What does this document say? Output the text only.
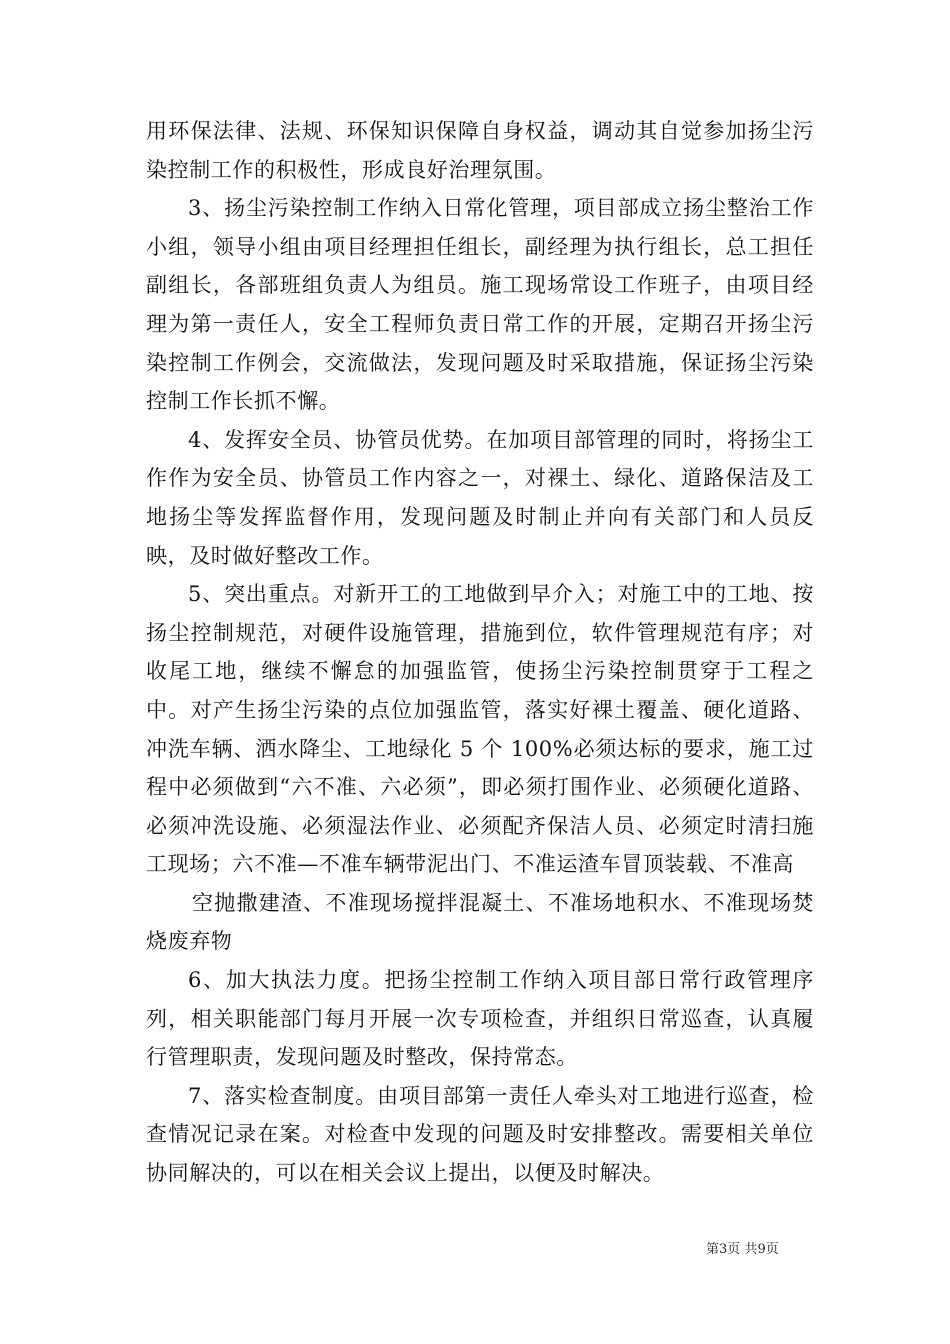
用环保法律、法规、环保知识保障自身权益，调动其自觉参加扬尘污染控制工作的积极性，形成良好治理氛围。

3、扬尘污染控制工作纳入日常化管理，项目部成立扬尘整治工作小组，领导小组由项目经理担任组长，副经理为执行组长，总工担任副组长，各部班组负责人为组员。施工现场常设工作班子，由项目经理为第一责任人，安全工程师负责日常工作的开展，定期召开扬尘污染控制工作例会，交流做法，发现问题及时采取措施，保证扬尘污染控制工作长抓不懈。

4、发挥安全员、协管员优势。在加项目部管理的同时，将扬尘工作作为安全员、协管员工作内容之一，对裸土、绿化、道路保洁及工地扬尘等发挥监督作用，发现问题及时制止并向有关部门和人员反映，及时做好整改工作。

5、突出重点。对新开工的工地做到早介入；对施工中的工地、按扬尘控制规范，对硬件设施管理，措施到位，软件管理规范有序；对收尾工地，继续不懈怠的加强监管，使扬尘污染控制贯穿于工程之中。对产生扬尘污染的点位加强监管，落实好裸土覆盖、硬化道路、冲洗车辆、洒水降尘、工地绿化 5 个 100%必须达标的要求，施工过程中必须做到“六不准、六必须”，即必须打围作业、必须硬化道路、必须冲洗设施、必须湿法作业、必须配齐保洁人员、必须定时清扫施工现场；六不准—不准车辆带泥出门、不准运渣车冒顶装载、不准高

空抛撒建渣、不准现场搅拌混凝土、不准场地积水、不准现场焚烧废弃物

6、加大执法力度。把扬尘控制工作纳入项目部日常行政管理序列，相关职能部门每月开展一次专项检查，并组织日常巡查，认真履行管理职责，发现问题及时整改，保持常态。

7、落实检查制度。由项目部第一责任人牵头对工地进行巡查，检查情况记录在案。对检查中发现的问题及时安排整改。需要相关单位协同解决的，可以在相关会议上提出，以便及时解决。

第3页 共9页
